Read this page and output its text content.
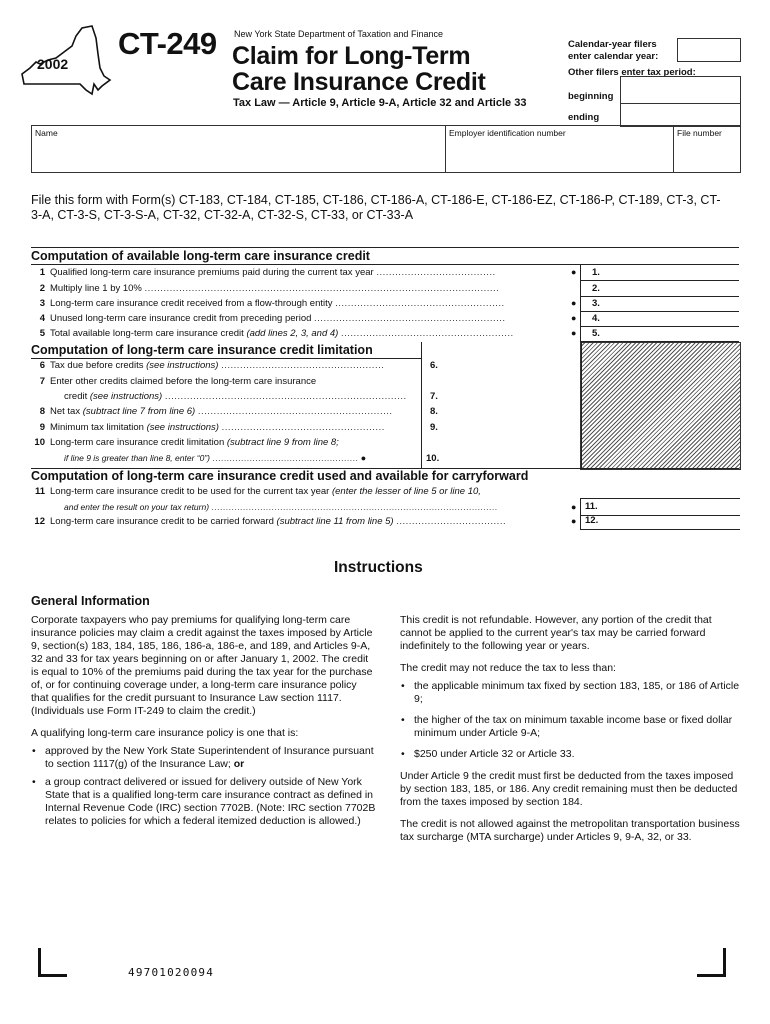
2002
CT-249 New York State Department of Taxation and Finance
Claim for Long-Term
Care Insurance Credit
Tax Law — Article 9, Article 9-A, Article 32 and Article 33
Calendar-year filers
enter calendar year:
Other filers enter tax period:
beginning
ending
Name	Employer identification number	File number
File this form with Form(s) CT-183, CT-184, CT-185, CT-186, CT-186-A, CT-186-E, CT-186-EZ, CT-186-P, CT-189, CT-3, CT-3-A, CT-3-S, CT-3-S-A, CT-32, CT-32-A, CT-32-S, CT-33, or CT-33-A
Computation of available long-term care insurance credit
1 Qualified long-term care insurance premiums paid during the current tax year ......................................	● 1.
2 Multiply line 1 by 10% .................................................................................................................	2.
3 Long-term care insurance credit received from a flow-through entity ......................................................	● 3.
4 Unused long-term care insurance credit from preceding period .............................................................	● 4.
5 Total available long-term care insurance credit (add lines 2, 3, and 4) .......................................................	● 5.
Computation of long-term care insurance credit limitation
6 Tax due before credits (see instructions) ....................................................	6.
7 Enter other credits claimed before the long-term care insurance
credit (see instructions) ............................................................................. 7.
8 Net tax (subtract line 7 from line 6) ..............................................................	8.
9 Minimum tax limitation (see instructions) ....................................................	9.
10 Long-term care insurance credit limitation (subtract line 9 from line 8;
if line 9 is greater than line 8, enter “0”) ................................................... ●	10.
Computation of long-term care insurance credit used and available for carryforward
11 Long-term care insurance credit to be used for the current tax year (enter the lesser of line 5 or line 10,
and enter the result on your tax return) ....................................................................................................	● 11.
12 Long-term care insurance credit to be carried forward (subtract line 11 from line 5) ...................................	● 12.
Instructions
General Information

Corporate taxpayers who pay premiums for qualifying long-term care insurance policies may claim a credit against the taxes imposed by Article 9, section(s) 183, 184, 185, 186, 186-a, 186-e, and 189, and Articles 9-A, 32 and 33 for tax years beginning on or after January 1, 2002. The credit is equal to 10% of the premiums paid during the tax year for the purchase of, or for continuing coverage under, a long-term care insurance policy that qualifies for the credit pursuant to Insurance Law section 1117. (Individuals use Form IT-249 to claim the credit.)

A qualifying long-term care insurance policy is one that is:

• approved by the New York State Superintendent of Insurance pursuant to section 1117(g) of the Insurance Law; or
• a group contract delivered or issued for delivery outside of New York State that is a qualified long-term care insurance contract as defined in Internal Revenue Code (IRC) section 7702B. (Note: IRC section 7702B relates to policies for which a federal itemized deduction is allowed.)

This credit is not refundable. However, any portion of the credit that cannot be applied to the current year's tax may be carried forward indefinitely to the following year or years.

The credit may not reduce the tax to less than:

• the applicable minimum tax fixed by section 183, 185, or 186 of Article 9;
• the higher of the tax on minimum taxable income base or fixed dollar minimum under Article 9-A;
• $250 under Article 32 or Article 33.

Under Article 9 the credit must first be deducted from the taxes imposed by section 183, 185, or 186. Any credit remaining must then be deducted from the taxes imposed by section 184.

The credit is not allowed against the metropolitan transportation business tax surcharge (MTA surcharge) under Articles 9, 9-A, 32, or 33.

49701020094
